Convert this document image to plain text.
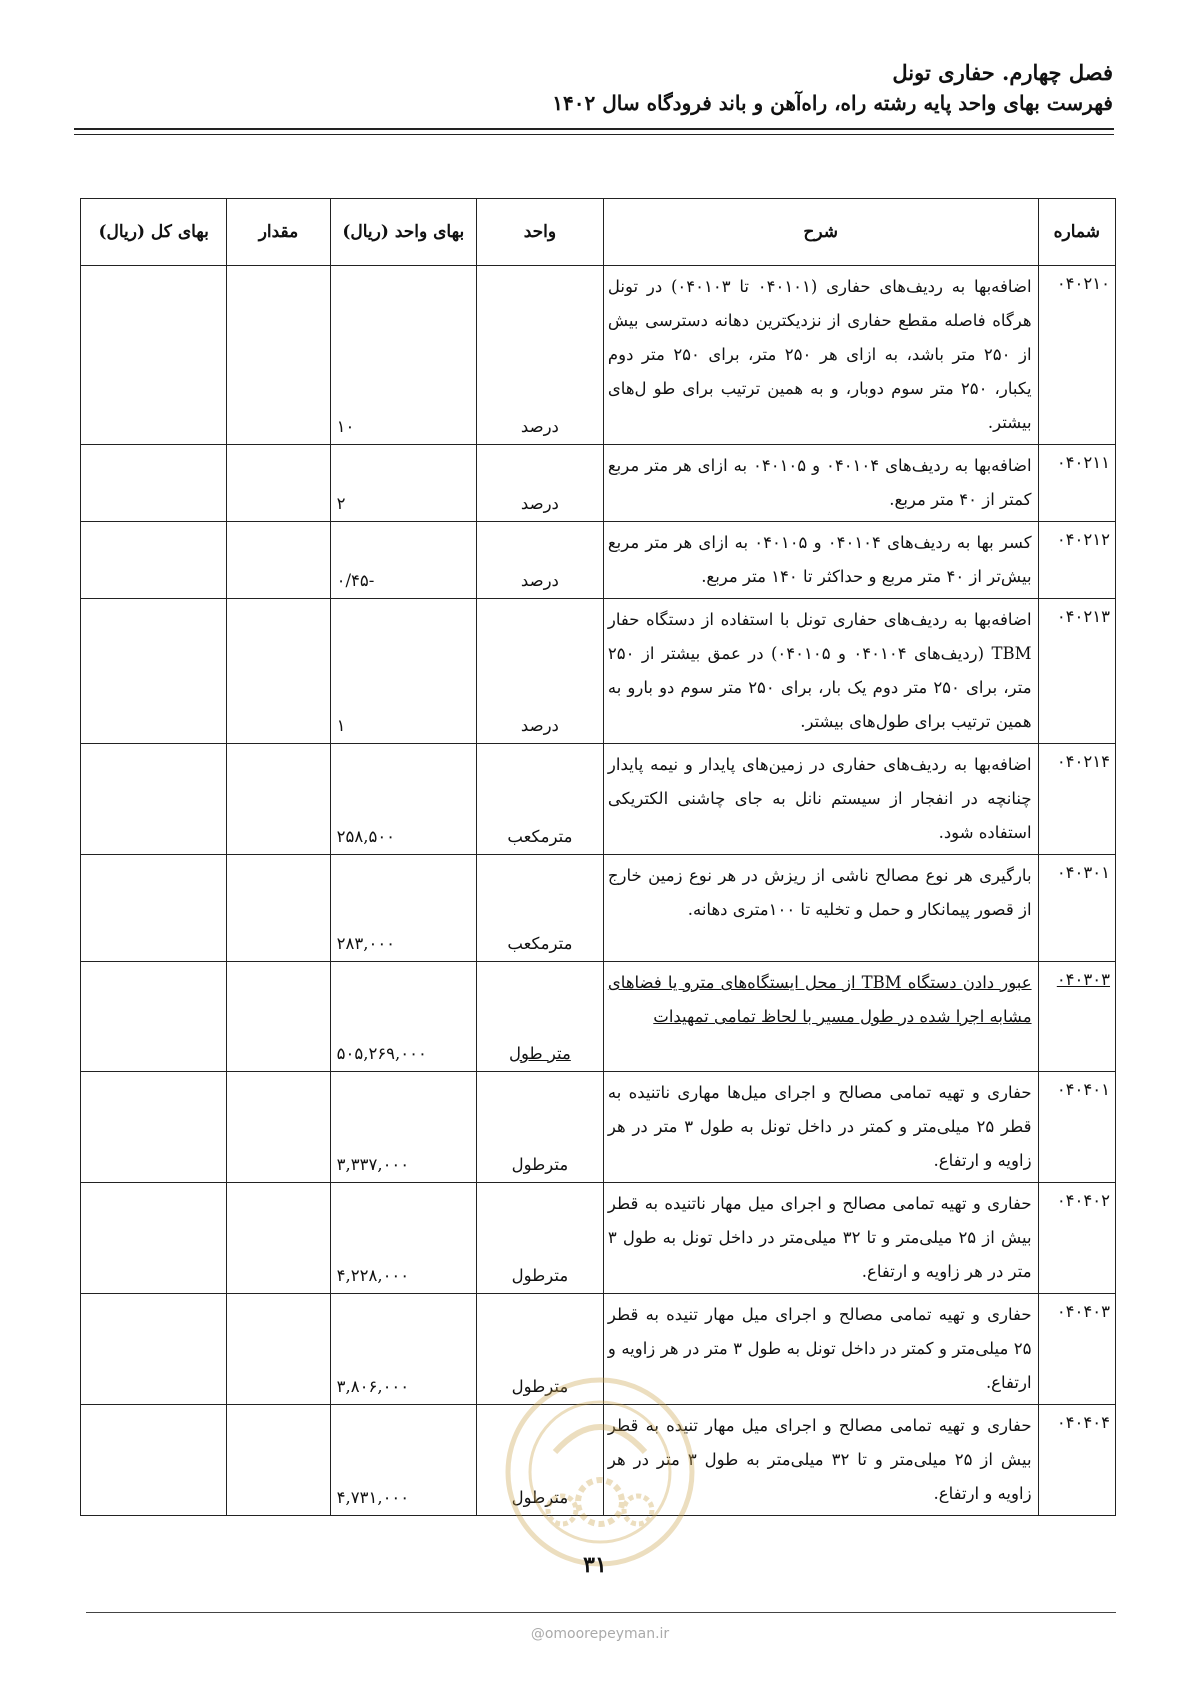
فصل چهارم. حفاری تونل
فهرست بهای واحد پایه رشته راه، راه‌آهن و باند فرودگاه سال ۱۴۰۲
شماره	شرح	واحد	بهای واحد (ریال)	مقدار	بهای کل (ریال)
۰۴۰۲۱۰	اضافه‌بها به ردیف‌های حفاری (۰۴۰۱۰۱ تا ۰۴۰۱۰۳) در تونل هرگاه فاصله مقطع حفاری از نزدیکترین دهانه دسترسی بیش از ۲۵۰ متر باشد، به ازای هر ۲۵۰ متر، برای ۲۵۰ متر دوم یکبار، ۲۵۰ متر سوم دوبار، و به همین ترتیب برای طو ل‌های بیشتر.	درصد	۱۰		
۰۴۰۲۱۱	اضافه‌بها به ردیف‌های ۰۴۰۱۰۴ و ۰۴۰۱۰۵ به ازای هر متر مربع کمتر از ۴۰ متر مربع.	درصد	۲		
۰۴۰۲۱۲	کسر بها به ردیف‌های ۰۴۰۱۰۴ و ۰۴۰۱۰۵ به ازای هر متر مربع بیش‌تر از ۴۰ متر مربع و حداکثر تا ۱۴۰ متر مربع.	درصد	-۰/۴۵		
۰۴۰۲۱۳	اضافه‌بها به ردیف‌های حفاری تونل با استفاده از دستگاه حفار TBM (ردیف‌های ۰۴۰۱۰۴ و ۰۴۰۱۰۵) در عمق بیشتر از ۲۵۰ متر، برای ۲۵۰ متر دوم یک بار، برای ۲۵۰ متر سوم دو بارو به همین ترتیب برای طول‌های بیشتر.	درصد	۱		
۰۴۰۲۱۴	اضافه‌بها به ردیف‌های حفاری در زمین‌های پایدار و نیمه پایدار چنانچه در انفجار از سیستم نانل به جای چاشنی الکتریکی استفاده شود.	مترمکعب	۲۵۸,۵۰۰		
۰۴۰۳۰۱	بارگیری هر نوع مصالح ناشی از ریزش در هر نوع زمین خارج از قصور پیمانکار و حمل و تخلیه تا ۱۰۰متری دهانه.	مترمکعب	۲۸۳,۰۰۰		
۰۴۰۳۰۳	عبور دادن دستگاه TBM از محل ایستگاه‌های مترو یا فضاهای مشابه اجرا شده در طول مسیر با لحاظ تمامی تمهیدات	متر طول	۵۰۵,۲۶۹,۰۰۰		
۰۴۰۴۰۱	حفاری و تهیه تمامی مصالح و اجرای میل‌ها مهاری ناتنیده به قطر ۲۵ میلی‌متر و کمتر در داخل تونل به طول ۳ متر در هر زاویه و ارتفاع.	مترطول	۳,۳۳۷,۰۰۰		
۰۴۰۴۰۲	حفاری و تهیه تمامی مصالح و اجرای میل مهار ناتنیده به قطر بیش از ۲۵ میلی‌متر و تا ۳۲ میلی‌متر در داخل تونل به طول ۳ متر در هر زاویه و ارتفاع.	مترطول	۴,۲۲۸,۰۰۰		
۰۴۰۴۰۳	حفاری و تهیه تمامی مصالح و اجرای میل مهار تنیده به قطر ۲۵ میلی‌متر و کمتر در داخل تونل به طول ۳ متر در هر زاویه و ارتفاع.	مترطول	۳,۸۰۶,۰۰۰		
۰۴۰۴۰۴	حفاری و تهیه تمامی مصالح و اجرای میل مهار تنیده به قطر بیش از ۲۵ میلی‌متر و تا ۳۲ میلی‌متر به طول ۳ متر در هر زاویه و ارتفاع.	مترطول	۴,۷۳۱,۰۰۰		
۳۱
@omoorepeyman.ir
